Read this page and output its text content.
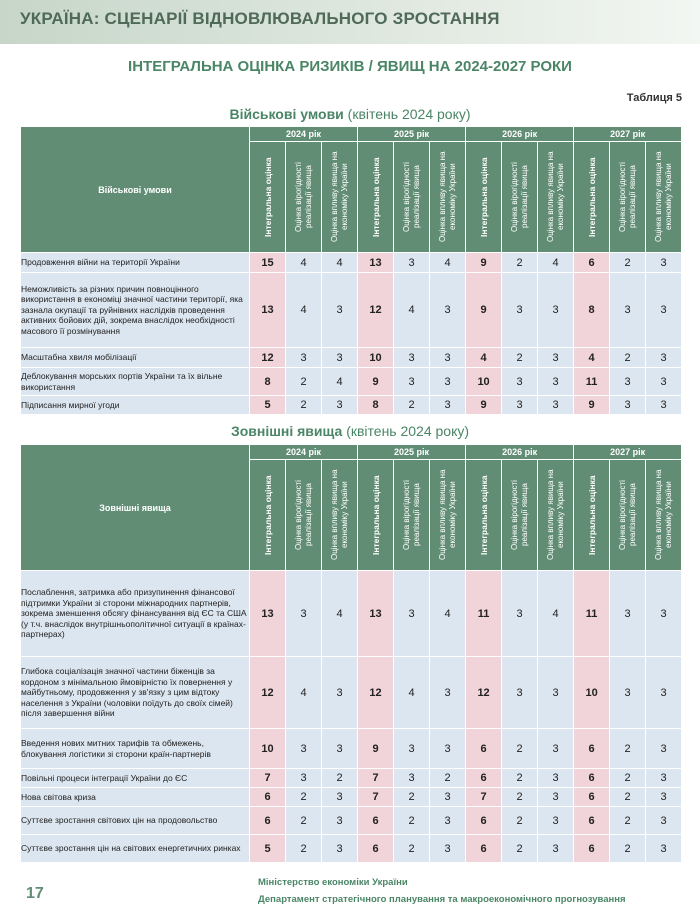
УКРАЇНА: СЦЕНАРІЇ ВІДНОВЛЮВАЛЬНОГО ЗРОСТАННЯ
ІНТЕГРАЛЬНА ОЦІНКА РИЗИКІВ / ЯВИЩ НА 2024-2027 РОКИ
Таблиця 5
Військові умови (квітень 2024 року)
Військові умови	2024 рік			2025 рік			2026 рік			2027 рік		

	Інтегральна оцінка	Оцінка вірогідності реалізації явища	Оцінка впливу явища на економіку України	Інтегральна оцінка	Оцінка вірогідності реалізації явища	Оцінка впливу явища на економіку України	Інтегральна оцінка	Оцінка вірогідності реалізації явища	Оцінка впливу явища на економіку України	Інтегральна оцінка	Оцінка вірогідності реалізації явища	Оцінка впливу явища на економіку України

Продовження війни на території України	15	4	4	13	3	4	9	2	4	6	2	3
Неможливість за різних причин повноцінного використання в економіці значної частини території, яка зазнала окупації та руйнівних наслідків проведення активних бойових дій, зокрема внаслідок необхідності масового її розмінування	13	4	3	12	4	3	9	3	3	8	3	3
Масштабна хвиля мобілізації	12	3	3	10	3	3	4	2	3	4	2	3
Деблокування морських портів України та їх вільне використання	8	2	4	9	3	3	10	3	3	11	3	3
Підписання мирної угоди	5	2	3	8	2	3	9	3	3	9	3	3
Зовнішні явища (квітень 2024 року)
Зовнішні явища	2024 рік			2025 рік			2026 рік			2027 рік		

	Інтегральна оцінка	Оцінка вірогідності реалізації явища	Оцінка впливу явища на економіку України	Інтегральна оцінка	Оцінка вірогідності реалізації явища	Оцінка впливу явища на економіку України	Інтегральна оцінка	Оцінка вірогідності реалізації явища	Оцінка впливу явища на економіку України	Інтегральна оцінка	Оцінка вірогідності реалізації явища	Оцінка впливу явища на економіку України

Послаблення, затримка або призупинення фінансової підтримки України зі сторони міжнародних партнерів, зокрема зменшення обсягу фінансування від ЄС та США (у т.ч. внаслідок внутрішньополітичної ситуації в країнах-партнерах)	13	3	4	13	3	4	11	3	4	11	3	3
Глибока соціалізація значної частини біженців за кордоном з мінімальною ймовірністю їх повернення у майбутньому, продовження у зв'язку з цим відтоку населення з України (чоловіки поїдуть до своїх сімей) після завершення війни	12	4	3	12	4	3	12	3	3	10	3	3
Введення нових митних тарифів та обмежень, блокування логістики зі сторони країн-партнерів	10	3	3	9	3	3	6	2	3	6	2	3
Повільні процеси інтеграції України до ЄС	7	3	2	7	3	2	6	2	3	6	2	3
Нова світова криза	6	2	3	7	2	3	7	2	3	6	2	3
Суттєве зростання світових цін на продовольство	6	2	3	6	2	3	6	2	3	6	2	3
Суттєве зростання цін на світових енергетичних ринках	5	2	3	6	2	3	6	2	3	6	2	3
17
Міністерство економіки України
Департамент стратегічного планування та макроекономічного прогнозування
